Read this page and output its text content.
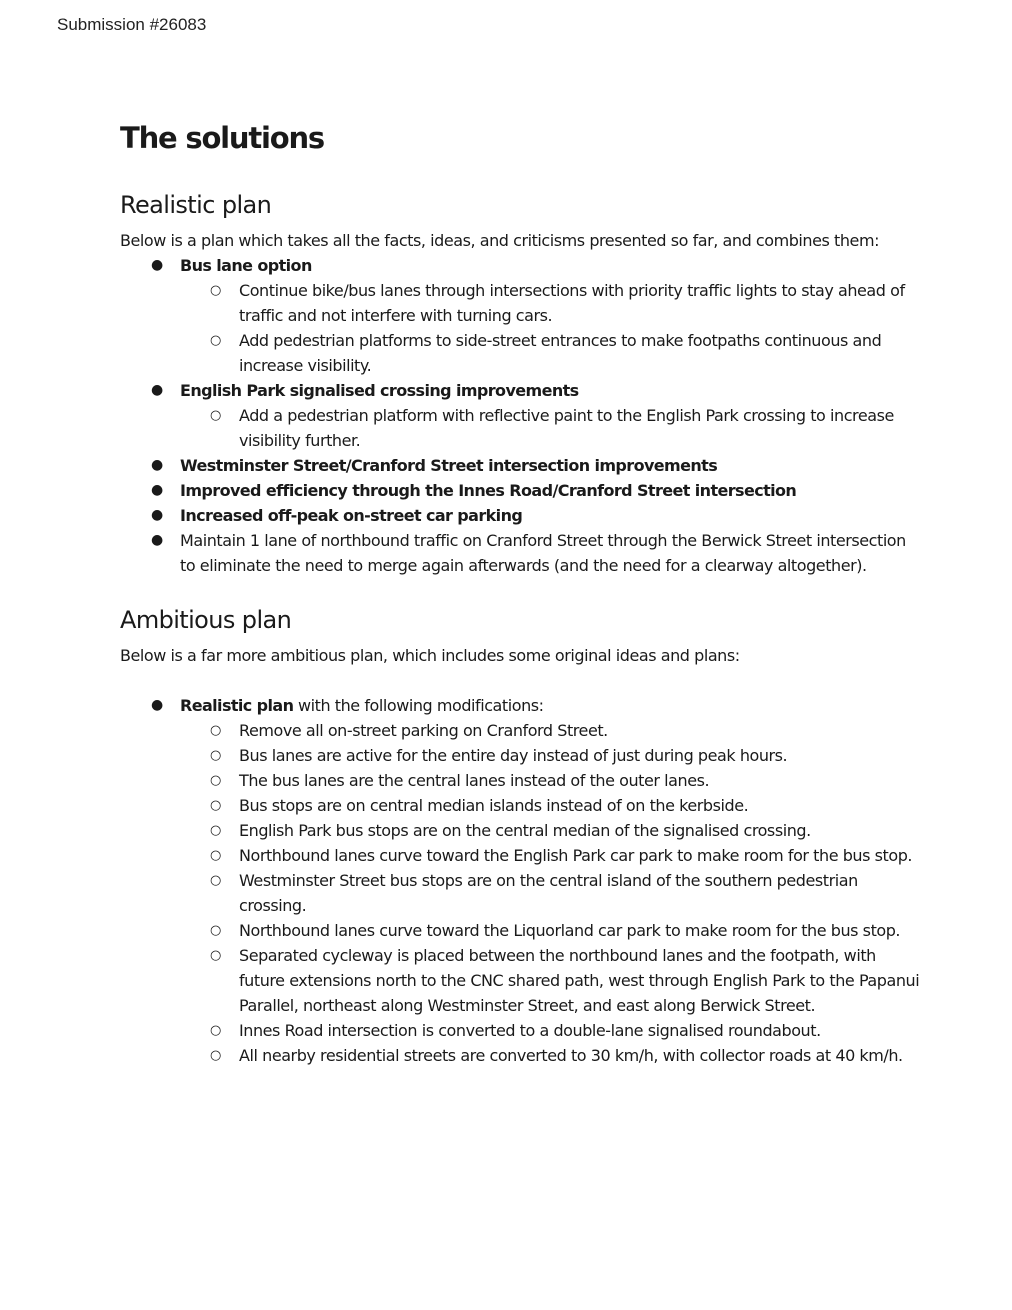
Submission #26083
The solutions
Realistic plan

Below is a plan which takes all the facts, ideas, and criticisms presented so far, and combines them:

● Bus lane option
○ Continue bike/bus lanes through intersections with priority traffic lights to stay ahead of traffic and not interfere with turning cars.
○ Add pedestrian platforms to side-street entrances to make footpaths continuous and increase visibility.
● English Park signalised crossing improvements
○ Add a pedestrian platform with reflective paint to the English Park crossing to increase visibility further.
● Westminster Street/Cranford Street intersection improvements
● Improved efficiency through the Innes Road/Cranford Street intersection
● Increased off-peak on-street car parking
● Maintain 1 lane of northbound traffic on Cranford Street through the Berwick Street intersection to eliminate the need to merge again afterwards (and the need for a clearway altogether).
Ambitious plan

Below is a far more ambitious plan, which includes some original ideas and plans:

● Realistic plan with the following modifications:
○ Remove all on-street parking on Cranford Street.
○ Bus lanes are active for the entire day instead of just during peak hours.
○ The bus lanes are the central lanes instead of the outer lanes.
○ Bus stops are on central median islands instead of on the kerbside.
○ English Park bus stops are on the central median of the signalised crossing.
○ Northbound lanes curve toward the English Park car park to make room for the bus stop.
○ Westminster Street bus stops are on the central island of the southern pedestrian crossing.
○ Northbound lanes curve toward the Liquorland car park to make room for the bus stop.
○ Separated cycleway is placed between the northbound lanes and the footpath, with future extensions north to the CNC shared path, west through English Park to the Papanui Parallel, northeast along Westminster Street, and east along Berwick Street.
○ Innes Road intersection is converted to a double-lane signalised roundabout.
○ All nearby residential streets are converted to 30 km/h, with collector roads at 40 km/h.
